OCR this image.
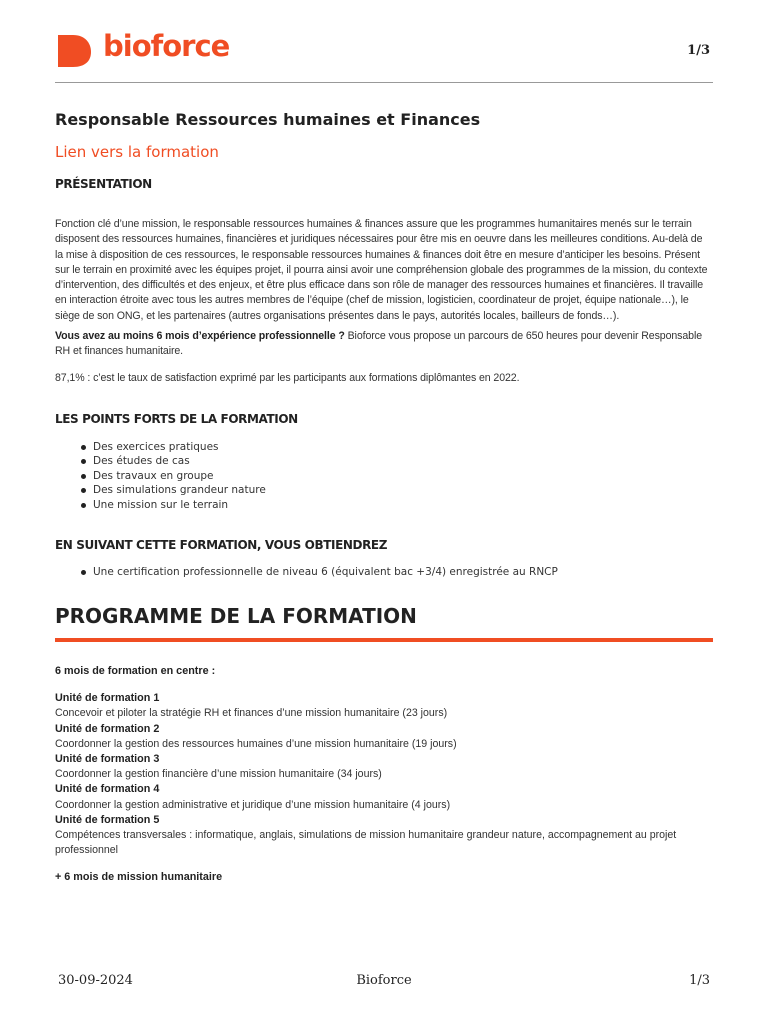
bioforce	1/3
Responsable Ressources humaines et Finances
Lien vers la formation
PRÉSENTATION

Fonction clé d’une mission, le responsable ressources humaines & finances assure que les programmes humanitaires menés sur le terrain disposent des ressources humaines, financières et juridiques nécessaires pour être mis en oeuvre dans les meilleures conditions. Au-delà de la mise à disposition de ces ressources, le responsable ressources humaines & finances doit être en mesure d’anticiper les besoins. Présent sur le terrain en proximité avec les équipes projet, il pourra ainsi avoir une compréhension globale des programmes de la mission, du contexte d’intervention, des difficultés et des enjeux, et être plus efficace dans son rôle de manager des ressources humaines et financières. Il travaille en interaction étroite avec tous les autres membres de l’équipe (chef de mission, logisticien, coordinateur de projet, équipe nationale…), le siège de son ONG, et les partenaires (autres organisations présentes dans le pays, autorités locales, bailleurs de fonds…).

Vous avez au moins 6 mois d’expérience professionnelle ? Bioforce vous propose un parcours de 650 heures pour devenir Responsable RH et finances humanitaire.

87,1% : c’est le taux de satisfaction exprimé par les participants aux formations diplômantes en 2022.

LES POINTS FORTS DE LA FORMATION
Des exercices pratiques
Des études de cas
Des travaux en groupe
Des simulations grandeur nature
Une mission sur le terrain
EN SUIVANT CETTE FORMATION, VOUS OBTIENDREZ
Une certification professionnelle de niveau 6 (équivalent bac +3/4) enregistrée au RNCP
PROGRAMME DE LA FORMATION
6 mois de formation en centre :
Unité de formation 1
Concevoir et piloter la stratégie RH et finances d’une mission humanitaire (23 jours)
Unité de formation 2
Coordonner la gestion des ressources humaines d’une mission humanitaire (19 jours)
Unité de formation 3
Coordonner la gestion financière d’une mission humanitaire (34 jours)
Unité de formation 4
Coordonner la gestion administrative et juridique d’une mission humanitaire (4 jours)
Unité de formation 5
Compétences transversales : informatique, anglais, simulations de mission humanitaire grandeur nature, accompagnement au projet professionnel
+ 6 mois de mission humanitaire
30-09-2024	Bioforce	1/3
